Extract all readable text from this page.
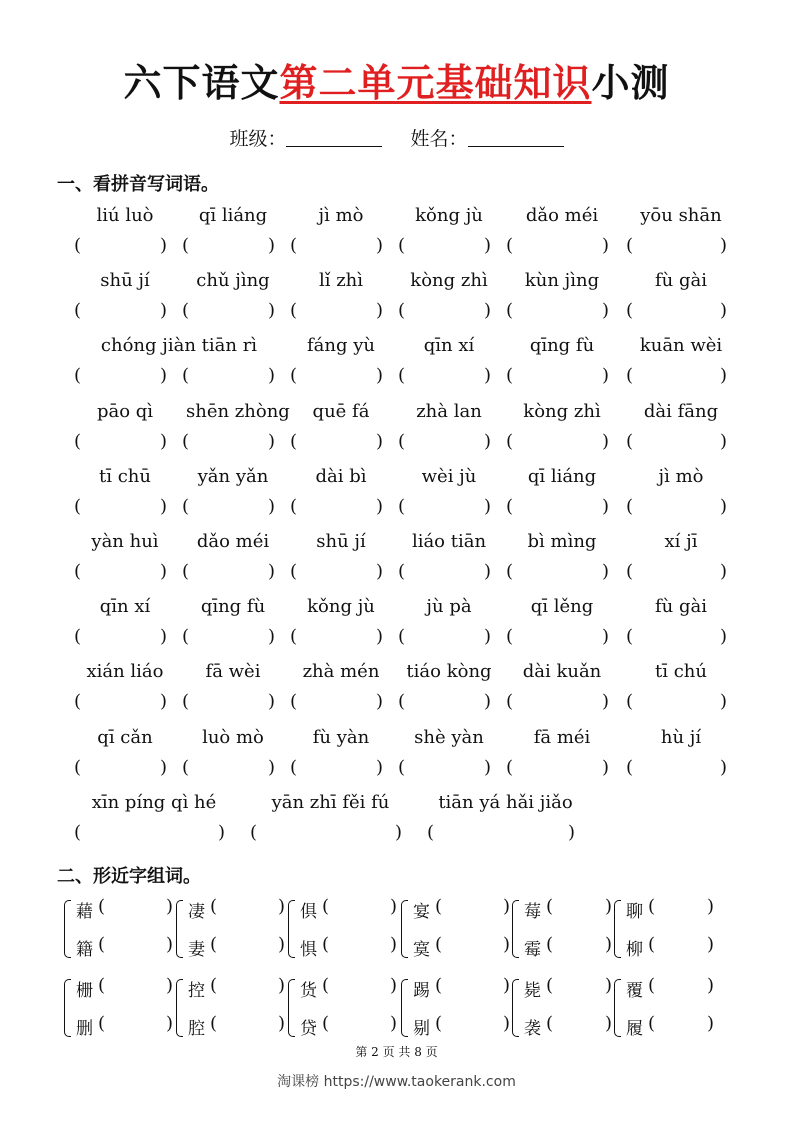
六下语文第二单元基础知识小测
班级：	姓名：
一、看拼音写词语。
liú luò	qī liáng	jì mò	kǒng jù	dǎo méi	yōu shān
(	) (	) (	) (	) (	) (	)
shū jí	chǔ jìng	lǐ zhì	kòng zhì	kùn jìng	fù gài
(	) (	) (	) (	) (	) (	)
chóng jiàn tiān rì	fáng yù	qīn xí	qīng fù	kuān wèi
(	) (	) (	) (	) (	) (	)
pāo qì	shēn zhòng	quē fá	zhà lan	kòng zhì	dài fāng
(	) (	) (	) (	) (	) (	)
tī chū	yǎn yǎn	dài bì	wèi jù	qī liáng	jì mò
(	) (	) (	) (	) (	) (	)
yàn huì	dǎo méi	shū jí	liáo tiān	bì mìng	xí jī
(	) (	) (	) (	) (	) (	)
qīn xí	qīng fù	kǒng jù	jù pà	qī lěng	fù gài
(	) (	) (	) (	) (	) (	)
xián liáo	fā wèi	zhà mén	tiáo kòng	dài kuǎn	tī chú
(	) (	) (	) (	) (	) (	)
qī cǎn	luò mò	fù yàn	shè yàn	fā méi	hù jí
(	) (	) (	) (	) (	) (	)
xīn píng qì hé	yān zhī fěi fú	tiān yá hǎi jiǎo
(	) (	) (	)
二、形近字组词。
藉 (	)
籍 (	)
凄 (	)
妻 (	)
俱 (	)
惧 (	)
宴 (	)
寞 (	)
莓 (	)
霉 (	)
聊 (	)
柳 (	)
栅 (	)
删 (	)
控 (	)
腔 (	)
货 (	)
贷 (	)
踢 (	)
剔 (	)
毙 (	)
袭 (	)
覆 (	)
履 (	)
第 2 页 共 8 页
淘课榜 https://www.taokerank.com
